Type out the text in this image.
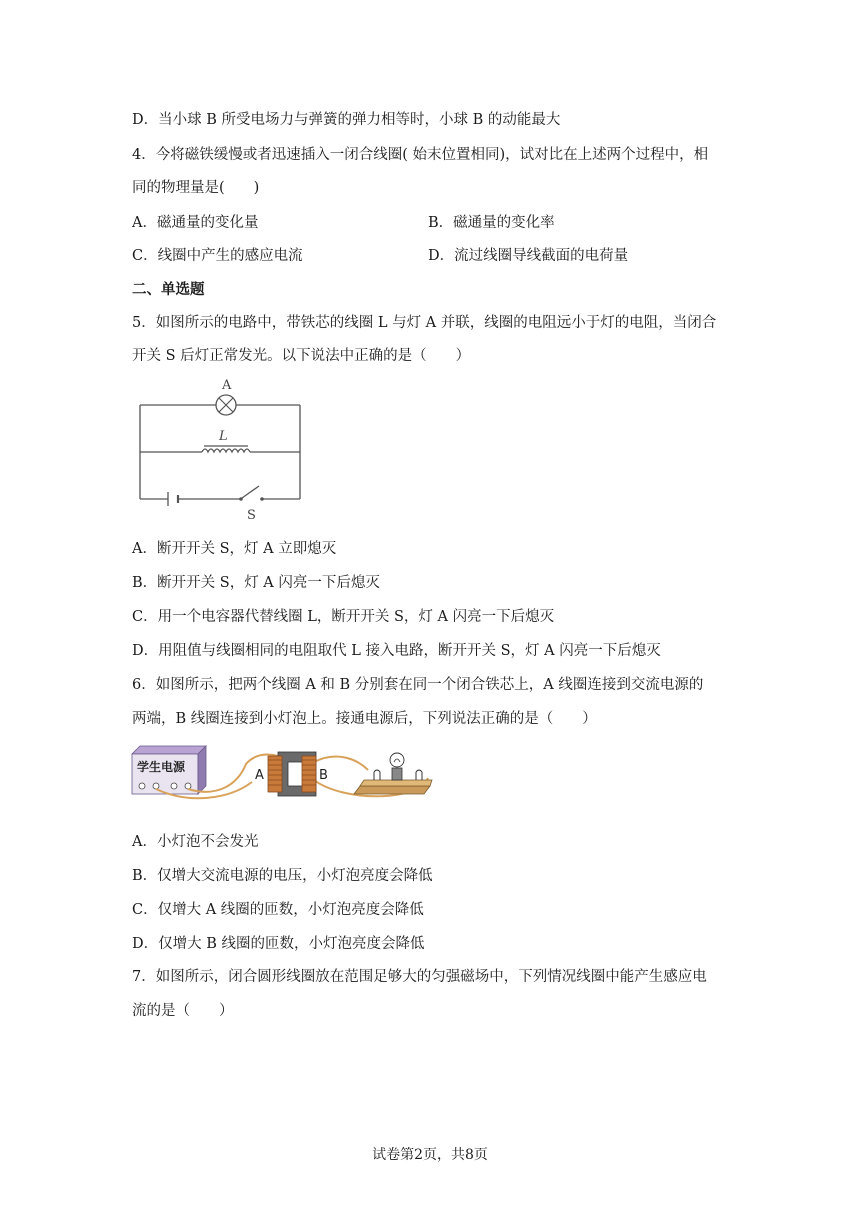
D．当小球 B 所受电场力与弹簧的弹力相等时，小球 B 的动能最大
4．今将磁铁缓慢或者迅速插入一闭合线圈( 始末位置相同)，试对比在上述两个过程中，相
同的物理量是(　　)
A．磁通量的变化量	B．磁通量的变化率
C．线圈中产生的感应电流	D．流过线圈导线截面的电荷量
二、单选题
5．如图所示的电路中，带铁芯的线圈 L 与灯 A 并联，线圈的电阻远小于灯的电阻，当闭合
开关 S 后灯正常发光。以下说法中正确的是（　　）
A
L
S
A．断开开关 S，灯 A 立即熄灭
B．断开开关 S，灯 A 闪亮一下后熄灭
C．用一个电容器代替线圈 L，断开开关 S，灯 A 闪亮一下后熄灭
D．用阻值与线圈相同的电阻取代 L 接入电路，断开开关 S，灯 A 闪亮一下后熄灭
6．如图所示，把两个线圈 A 和 B 分别套在同一个闭合铁芯上，A 线圈连接到交流电源的
两端，B 线圈连接到小灯泡上。接通电源后，下列说法正确的是（　　）
学生电源
A	B
A．小灯泡不会发光
B．仅增大交流电源的电压，小灯泡亮度会降低
C．仅增大 A 线圈的匝数，小灯泡亮度会降低
D．仅增大 B 线圈的匝数，小灯泡亮度会降低
7．如图所示，闭合圆形线圈放在范围足够大的匀强磁场中，下列情况线圈中能产生感应电
流的是（　　）
试卷第2页，共8页
